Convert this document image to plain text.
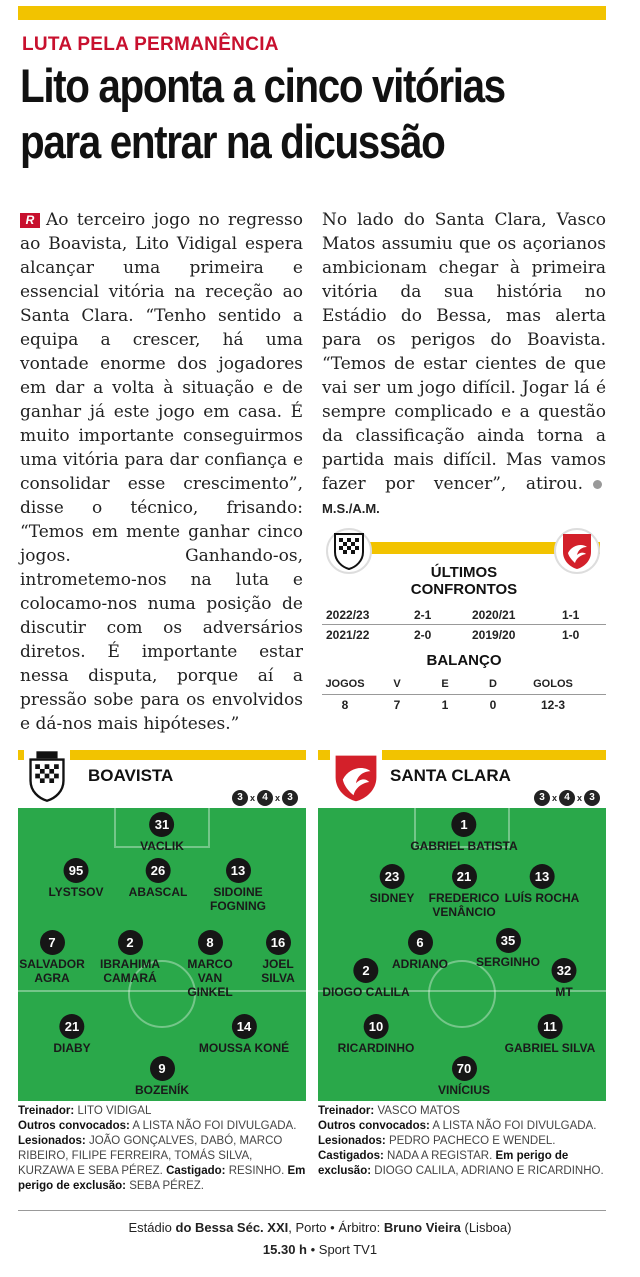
LUTA PELA PERMANÊNCIA
Lito aponta a cinco vitórias
para entrar na dicussão
R Ao terceiro jogo no regresso ao Boavista, Lito Vidigal espera alcançar uma primeira e essencial vitória na receção ao Santa Clara. “Tenho sentido a equipa a crescer, há uma vontade enorme dos jogadores em dar a volta à situação e de ganhar já este jogo em casa. É muito importante conseguirmos uma vitória para dar confiança e consolidar esse crescimento”, disse o técnico, frisando: “Temos em mente ganhar cinco jogos. Ganhando-os, intrometemo-nos na luta e colocamo-nos numa posição de discutir com os adversários diretos. É importante estar nessa disputa, porque aí a pressão sobe para os envolvidos e dá-nos mais hipóteses.”
No lado do Santa Clara, Vasco Matos assumiu que os açorianos ambicionam chegar à primeira vitória da sua história no Estádio do Bessa, mas alerta para os perigos do Boavista. “Temos de estar cientes de que vai ser um jogo difícil. Jogar lá é sempre complicado e a questão da classificação ainda torna a partida mais difícil. Mas vamos fazer por vencer”, atirou.M.S./A.M.
ÚLTIMOS
CONFRONTOS
2022/23	2-1	2020/21	1-1
2021/22	2-0	2019/20	1-0
BALANÇO
JOGOS	V	E	D	GOLOS
8	7	1	0	12-3
BOAVISTA
3 x 4 x 3
SANTA CLARA
3 x 4 x 3
31
VACLIK
95
LYSTSOV
26
ABASCAL
13
SIDOINE FOGNING
7
SALVADOR AGRA
2
IBRAHIMA CAMARÁ
8
MARCO VAN GINKEL
16
JOEL SILVA
21
DIABY
14
MOUSSA KONÉ
9
BOZENÍK
1
GABRIEL BATISTA
23
SIDNEY
21
FREDERICO VENÂNCIO
13
LUÍS ROCHA
6
ADRIANO
35
SERGINHO
2
DIOGO CALILA
32
MT
10
RICARDINHO
11
GABRIEL SILVA
70
VINÍCIUS
Treinador: LITO VIDIGAL
Outros convocados: A LISTA NÃO FOI DIVULGADA.
Lesionados: JOÃO GONÇALVES, DABÓ, MARCO RIBEIRO, FILIPE FERREIRA, TOMÁS SILVA, KURZAWA E SEBA PÉREZ. Castigado: RESINHO. Em perigo de exclusão: SEBA PÉREZ.
Treinador: VASCO MATOS
Outros convocados: A LISTA NÃO FOI DIVULGADA. Lesionados: PEDRO PACHECO E WENDEL. Castigados: NADA A REGISTAR. Em perigo de exclusão: DIOGO CALILA, ADRIANO E RICARDINHO.
Estádio do Bessa Séc. XXI, Porto • Árbitro: Bruno Vieira (Lisboa)
15.30 h • Sport TV1
